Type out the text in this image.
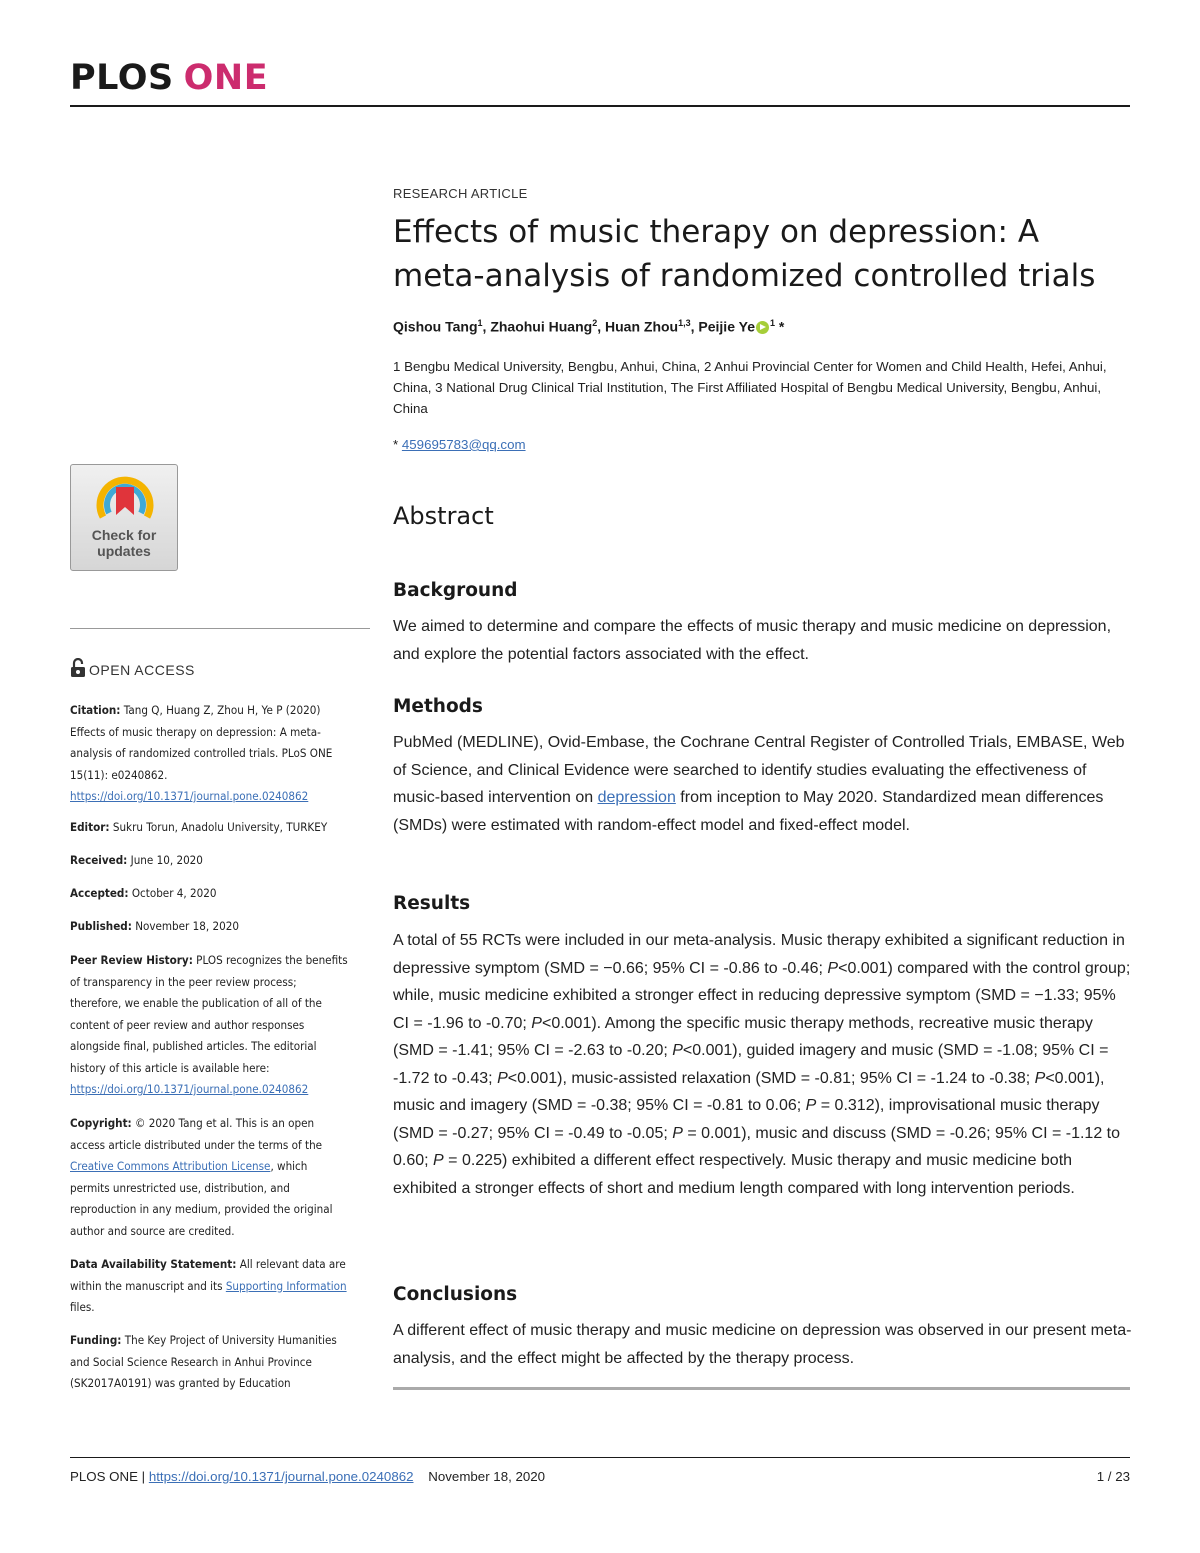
PLOS ONE
RESEARCH ARTICLE
Effects of music therapy on depression: A meta-analysis of randomized controlled trials
Qishou Tang$^1$, Zhaohui Huang$^2$, Huan Zhou$^{1,3}$, Peijie Ye $^1$ *
1 Bengbu Medical University, Bengbu, Anhui, China, 2 Anhui Provincial Center for Women and Child Health, Hefei, Anhui, China, 3 National Drug Clinical Trial Institution, The First Affiliated Hospital of Bengbu Medical University, Bengbu, Anhui, China
* 459695783@qq.com
Abstract
Background

We aimed to determine and compare the effects of music therapy and music medicine on depression, and explore the potential factors associated with the effect.

Methods

PubMed (MEDLINE), Ovid-Embase, the Cochrane Central Register of Controlled Trials, EMBASE, Web of Science, and Clinical Evidence were searched to identify studies evaluating the effectiveness of music-based intervention on depression from inception to May 2020. Standardized mean differences (SMDs) were estimated with random-effect model and fixed-effect model.

Results

A total of 55 RCTs were included in our meta-analysis. Music therapy exhibited a significant reduction in depressive symptom (SMD = −0.66; 95% CI = -0.86 to -0.46; P<0.001) compared with the control group; while, music medicine exhibited a stronger effect in reducing depressive symptom (SMD = −1.33; 95% CI = -1.96 to -0.70; P<0.001). Among the specific music therapy methods, recreative music therapy (SMD = -1.41; 95% CI = -2.63 to -0.20; P<0.001), guided imagery and music (SMD = -1.08; 95% CI = -1.72 to -0.43; P<0.001), music-assisted relaxation (SMD = -0.81; 95% CI = -1.24 to -0.38; P<0.001), music and imagery (SMD = -0.38; 95% CI = -0.81 to 0.06; P = 0.312), improvisational music therapy (SMD = -0.27; 95% CI = -0.49 to -0.05; P = 0.001), music and discuss (SMD = -0.26; 95% CI = -1.12 to 0.60; P = 0.225) exhibited a different effect respectively. Music therapy and music medicine both exhibited a stronger effects of short and medium length compared with long intervention periods.

Conclusions

A different effect of music therapy and music medicine on depression was observed in our present meta-analysis, and the effect might be affected by the therapy process.

Check for
updates
OPEN ACCESS

Citation: Tang Q, Huang Z, Zhou H, Ye P (2020) Effects of music therapy on depression: A meta-analysis of randomized controlled trials. PLoS ONE 15(11): e0240862. https://doi.org/10.1371/journal.pone.0240862

Editor: Sukru Torun, Anadolu University, TURKEY

Received: June 10, 2020

Accepted: October 4, 2020

Published: November 18, 2020

Peer Review History: PLOS recognizes the benefits of transparency in the peer review process; therefore, we enable the publication of all of the content of peer review and author responses alongside final, published articles. The editorial history of this article is available here: https://doi.org/10.1371/journal.pone.0240862

Copyright: © 2020 Tang et al. This is an open access article distributed under the terms of the Creative Commons Attribution License, which permits unrestricted use, distribution, and reproduction in any medium, provided the original author and source are credited.

Data Availability Statement: All relevant data are within the manuscript and its Supporting Information files.

Funding: The Key Project of University Humanities and Social Science Research in Anhui Province (SK2017A0191) was granted by Education

PLOS ONE | https://doi.org/10.1371/journal.pone.0240862 November 18, 2020	1 / 23
